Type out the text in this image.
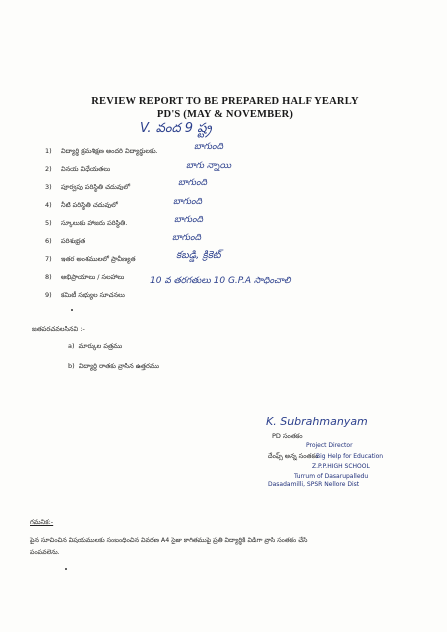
REVIEW REPORT TO BE PREPARED HALF YEARLY
PD'S (MAY & NOVEMBER)
V. వంద 9 ష్ట్ర
1) విద్యార్థి క్రమశిక్షణ అందరి విద్యార్థులకు.	బాగుంది
2) వినయ విధేయతలు	బాగు న్నాయి
3) పూర్వపు పరిస్థితి చదువులో	బాగుంది
4) నీటి పరిస్థితి చదువులో	బాగుంది
5) స్కూలుకు హాజరు పరిస్థితి.	బాగుంది
6) పరిశుభ్రత	బాగుంది
7) ఇతర అంశములలో ప్రావీణ్యత	కబడ్డి, క్రికెట్
8) అభిప్రాయాలు / సలహాలు	10 వ తరగతులు 10 G.P.A సాధించాలి
9) కమిటీ సభ్యుల సూచనలు
జతపరచవలసినవి :-
a) మార్కుల పత్రము
b) విద్యార్థి రాతకు వ్రాసిన ఉత్తరము
K. Subrahmanyam
PD సంతకం
Project Director
దేంఫ్స్ అన్న సంతకం
Big Help for Education
Z.P.P.HIGH SCHOOL
Turrum of Dasarupalledu
Dasadamilli, SPSR Nellore Dist
గమనిక:-
పైన సూచించిన విషయములకు సంబంధించిన వివరణ A4 సైజు కాగితముపై ప్రతి విద్యార్థికి విడిగా వ్రాసి సంతకం చేసి
పంపవలెను.
